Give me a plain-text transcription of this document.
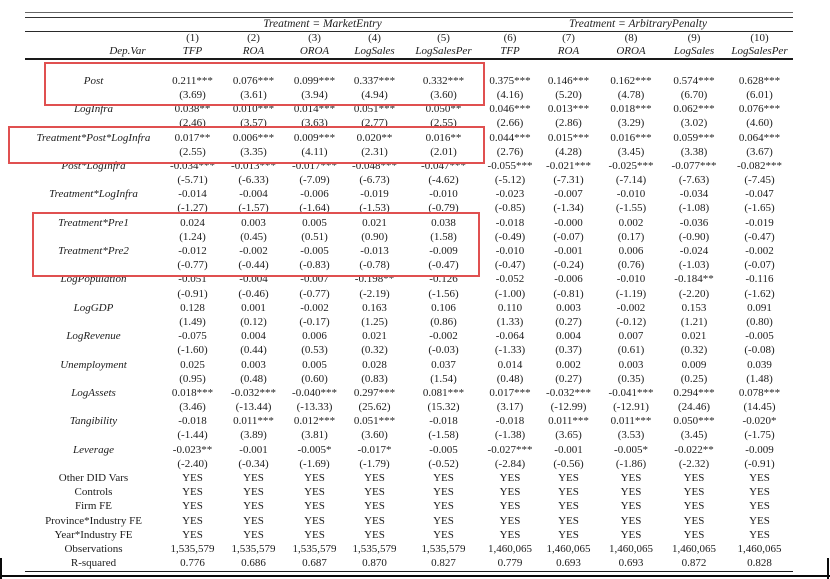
Treatment = MarketEntry	Treatment = ArbitraryPenalty
(1)	(2)	(3)	(4)	(5)	(6)	(7)	(8)	(9)	(10)
Dep.Var	TFP	ROA	OROA	LogSales	LogSalesPer	TFP	ROA	OROA	LogSales	LogSalesPer
Post	0.211***	0.076***	0.099***	0.337***	0.332***	0.375***	0.146***	0.162***	0.574***	0.628***
(3.69)	(3.61)	(3.94)	(4.94)	(3.60)	(4.16)	(5.20)	(4.78)	(6.70)	(6.01)
LogInfra	0.038**	0.010***	0.014***	0.051***	0.050**	0.046***	0.013***	0.018***	0.062***	0.076***
(2.46)	(3.57)	(3.63)	(2.77)	(2.55)	(2.66)	(2.86)	(3.29)	(3.02)	(4.60)
Treatment*Post*LogInfra	0.017**	0.006***	0.009***	0.020**	0.016**	0.044***	0.015***	0.016***	0.059***	0.064***
(2.55)	(3.35)	(4.11)	(2.31)	(2.01)	(2.76)	(4.28)	(3.45)	(3.38)	(3.67)
Post*LogInfra	-0.034***	-0.013***	-0.017***	-0.048***	-0.047***	-0.055***	-0.021***	-0.025***	-0.077***	-0.082***
(-5.71)	(-6.33)	(-7.09)	(-6.73)	(-4.62)	(-5.12)	(-7.31)	(-7.14)	(-7.63)	(-7.45)
Treatment*LogInfra	-0.014	-0.004	-0.006	-0.019	-0.010	-0.023	-0.007	-0.010	-0.034	-0.047
(-1.27)	(-1.57)	(-1.64)	(-1.53)	(-0.79)	(-0.85)	(-1.34)	(-1.55)	(-1.08)	(-1.65)
Treatment*Pre1	0.024	0.003	0.005	0.021	0.038	-0.018	-0.000	0.002	-0.036	-0.019
(1.24)	(0.45)	(0.51)	(0.90)	(1.58)	(-0.49)	(-0.07)	(0.17)	(-0.90)	(-0.47)
Treatment*Pre2	-0.012	-0.002	-0.005	-0.013	-0.009	-0.010	-0.001	0.006	-0.024	-0.002
(-0.77)	(-0.44)	(-0.83)	(-0.78)	(-0.47)	(-0.47)	(-0.24)	(0.76)	(-1.03)	(-0.07)
LogPopulation	-0.051	-0.004	-0.007	-0.198**	-0.126	-0.052	-0.006	-0.010	-0.184**	-0.116
(-0.91)	(-0.46)	(-0.77)	(-2.19)	(-1.56)	(-1.00)	(-0.81)	(-1.19)	(-2.20)	(-1.62)
LogGDP	0.128	0.001	-0.002	0.163	0.106	0.110	0.003	-0.002	0.153	0.091
(1.49)	(0.12)	(-0.17)	(1.25)	(0.86)	(1.33)	(0.27)	(-0.12)	(1.21)	(0.80)
LogRevenue	-0.075	0.004	0.006	0.021	-0.002	-0.064	0.004	0.007	0.021	-0.005
(-1.60)	(0.44)	(0.53)	(0.32)	(-0.03)	(-1.33)	(0.37)	(0.61)	(0.32)	(-0.08)
Unemployment	0.025	0.003	0.005	0.028	0.037	0.014	0.002	0.003	0.009	0.039
(0.95)	(0.48)	(0.60)	(0.83)	(1.54)	(0.48)	(0.27)	(0.35)	(0.25)	(1.48)
LogAssets	0.018***	-0.032***	-0.040***	0.297***	0.081***	0.017***	-0.032***	-0.041***	0.294***	0.078***
(3.46)	(-13.44)	(-13.33)	(25.62)	(15.32)	(3.17)	(-12.99)	(-12.91)	(24.46)	(14.45)
Tangibility	-0.018	0.011***	0.012***	0.051***	-0.018	-0.018	0.011***	0.011***	0.050***	-0.020*
(-1.44)	(3.89)	(3.81)	(3.60)	(-1.58)	(-1.38)	(3.65)	(3.53)	(3.45)	(-1.75)
Leverage	-0.023**	-0.001	-0.005*	-0.017*	-0.005	-0.027***	-0.001	-0.005*	-0.022**	-0.009
(-2.40)	(-0.34)	(-1.69)	(-1.79)	(-0.52)	(-2.84)	(-0.56)	(-1.86)	(-2.32)	(-0.91)
Other DID Vars	YES	YES	YES	YES	YES	YES	YES	YES	YES	YES
Controls	YES	YES	YES	YES	YES	YES	YES	YES	YES	YES
Firm FE	YES	YES	YES	YES	YES	YES	YES	YES	YES	YES
Province*Industry FE	YES	YES	YES	YES	YES	YES	YES	YES	YES	YES
Year*Industry FE	YES	YES	YES	YES	YES	YES	YES	YES	YES	YES
Observations	1,535,579	1,535,579	1,535,579	1,535,579	1,535,579	1,460,065	1,460,065	1,460,065	1,460,065	1,460,065
R-squared	0.776	0.686	0.687	0.870	0.827	0.779	0.693	0.693	0.872	0.828
